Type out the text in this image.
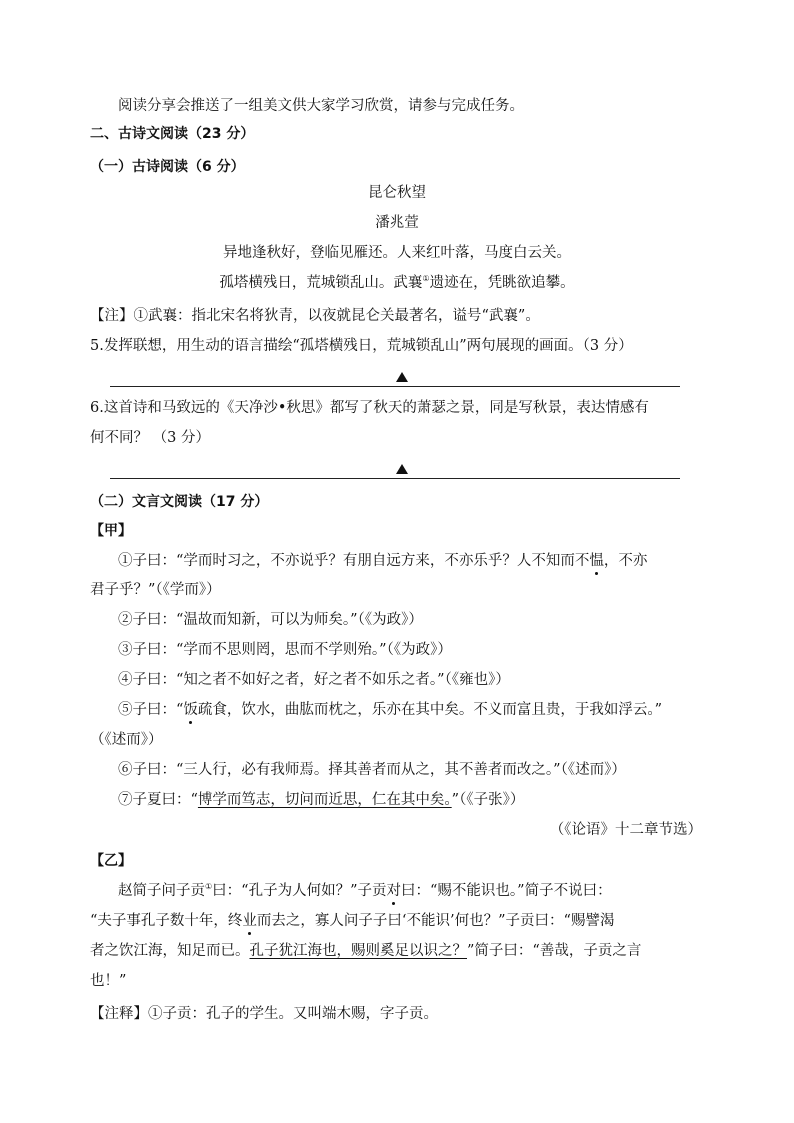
阅读分享会推送了一组美文供大家学习欣赏，请参与完成任务。
二、古诗文阅读（23 分）
（一）古诗阅读（6 分）
昆仑秋望
潘兆萱
异地逢秋好，登临见雁还。人来红叶落，马度白云关。
孤塔横残日，荒城锁乱山。武襄①遗迹在，凭眺欲追攀。
【注】①武襄：指北宋名将狄青，以夜就昆仑关最著名，谥号“武襄”。
5.发挥联想，用生动的语言描绘“孤塔横残日，荒城锁乱山”两句展现的画面。（3 分）
6.这首诗和马致远的《天净沙•秋思》都写了秋天的萧瑟之景，同是写秋景，表达情感有
何不同？ （3 分）
（二）文言文阅读（17 分）
【甲】
①子曰：“学而时习之，不亦说乎？有朋自远方来，不亦乐乎？人不知而不愠，不亦
君子乎？”（《学而》）
②子曰：“温故而知新，可以为师矣。”（《为政》）
③子曰：“学而不思则罔，思而不学则殆。”（《为政》）
④子曰：“知之者不如好之者，好之者不如乐之者。”（《雍也》）
⑤子曰：“饭疏食，饮水，曲肱而枕之，乐亦在其中矣。不义而富且贵，于我如浮云。”
（《述而》）
⑥子曰：“三人行，必有我师焉。择其善者而从之，其不善者而改之。”（《述而》）
⑦子夏曰：“博学而笃志，切问而近思，仁在其中矣。”（《子张》）
（《论语》十二章节选）
【乙】
赵简子问子贡①曰：“孔子为人何如？”子贡对曰：“赐不能识也。”简子不说曰：
“夫子事孔子数十年，终业而去之，寡人问子子曰‘不能识’何也？”子贡曰：“赐譬渴
者之饮江海，知足而已。孔子犹江海也，赐则奚足以识之？”简子曰：“善哉，子贡之言
也！”
【注释】①子贡：孔子的学生。又叫端木赐，字子贡。
